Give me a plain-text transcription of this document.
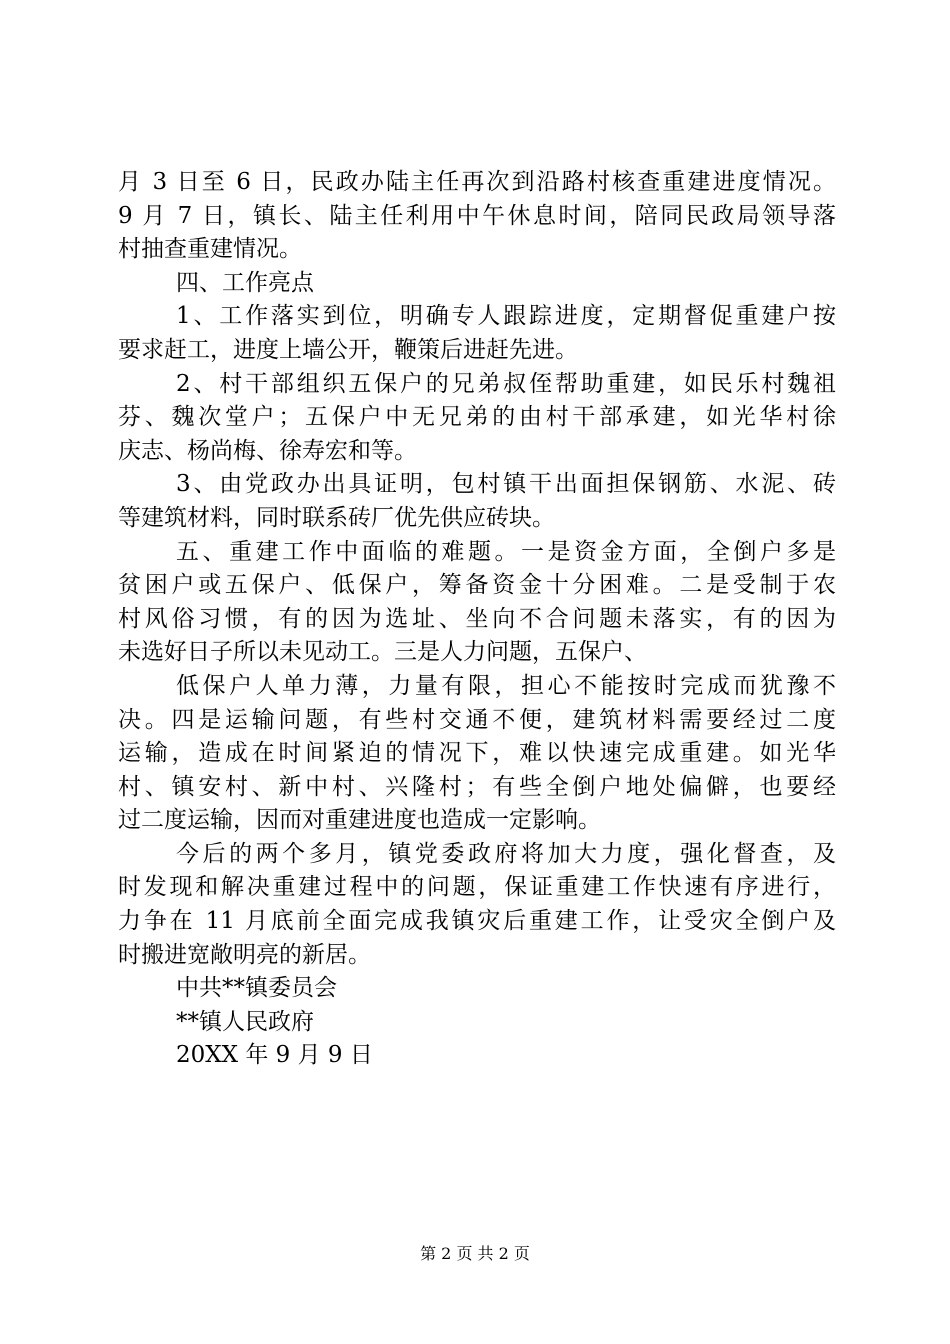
月 3 日至 6 日，民政办陆主任再次到沿路村核查重建进度情况。
9 月 7 日，镇长、陆主任利用中午休息时间，陪同民政局领导落
村抽查重建情况。
四、工作亮点
1、工作落实到位，明确专人跟踪进度，定期督促重建户按
要求赶工，进度上墙公开，鞭策后进赶先进。
2、村干部组织五保户的兄弟叔侄帮助重建，如民乐村魏祖
芬、魏次堂户；五保户中无兄弟的由村干部承建，如光华村徐
庆志、杨尚梅、徐寿宏和等。
3、由党政办出具证明，包村镇干出面担保钢筋、水泥、砖
等建筑材料，同时联系砖厂优先供应砖块。
五、重建工作中面临的难题。一是资金方面，全倒户多是
贫困户或五保户、低保户，筹备资金十分困难。二是受制于农
村风俗习惯，有的因为选址、坐向不合问题未落实，有的因为
未选好日子所以未见动工。三是人力问题，五保户、
低保户人单力薄，力量有限，担心不能按时完成而犹豫不
决。四是运输问题，有些村交通不便，建筑材料需要经过二度
运输，造成在时间紧迫的情况下，难以快速完成重建。如光华
村、镇安村、新中村、兴隆村；有些全倒户地处偏僻，也要经
过二度运输，因而对重建进度也造成一定影响。
今后的两个多月，镇党委政府将加大力度，强化督查，及
时发现和解决重建过程中的问题，保证重建工作快速有序进行，
力争在 11 月底前全面完成我镇灾后重建工作，让受灾全倒户及
时搬进宽敞明亮的新居。
中共**镇委员会
**镇人民政府
20XX 年 9 月 9 日
第 2 页 共 2 页
